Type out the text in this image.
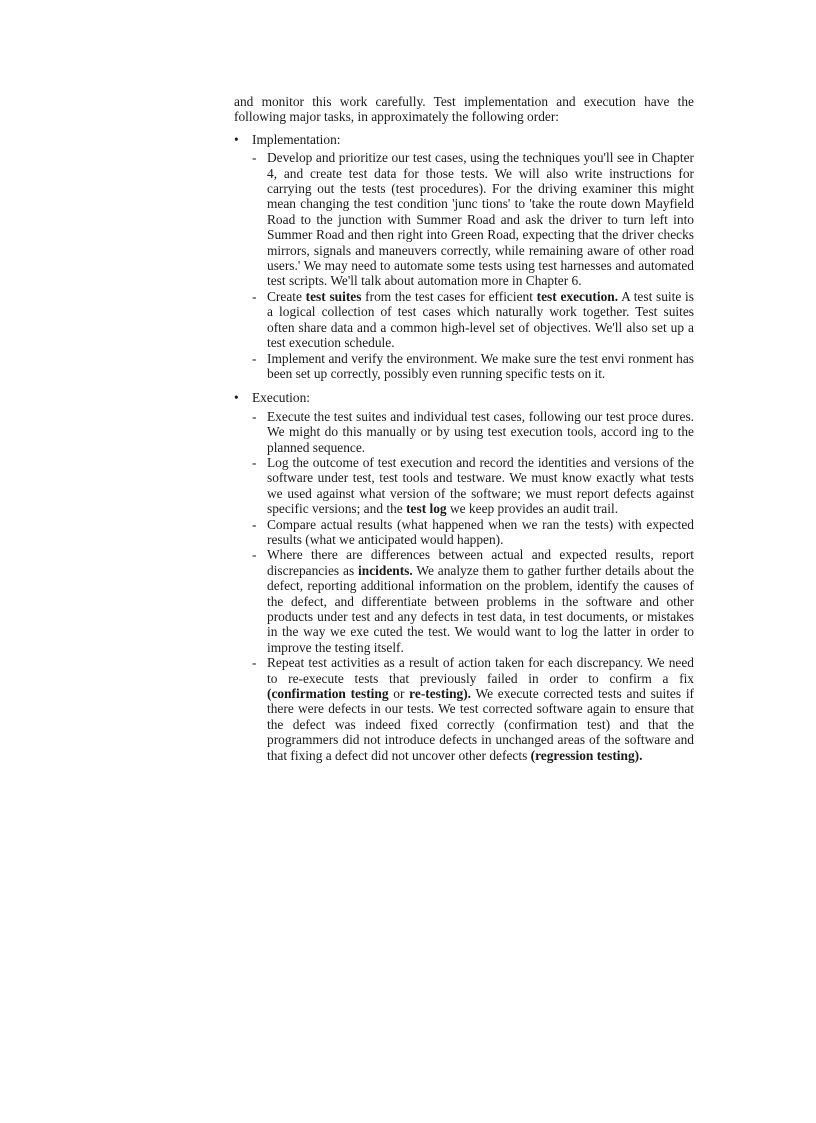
and monitor this work carefully. Test implementation and execution have the following major tasks, in approximately the following order:

• Implementation:
- Develop and prioritize our test cases, using the techniques you'll see in Chapter 4, and create test data for those tests. We will also write instructions for carrying out the tests (test procedures). For the driving examiner this might mean changing the test condition 'junc tions' to 'take the route down Mayfield Road to the junction with Summer Road and ask the driver to turn left into Summer Road and then right into Green Road, expecting that the driver checks mirrors, signals and maneuvers correctly, while remaining aware of other road users.' We may need to automate some tests using test harnesses and automated test scripts. We'll talk about automation more in Chapter 6.
- Create test suites from the test cases for efficient test execution. A test suite is a logical collection of test cases which naturally work together. Test suites often share data and a common high-level set of objectives. We'll also set up a test execution schedule.
- Implement and verify the environment. We make sure the test envi ronment has been set up correctly, possibly even running specific tests on it.
• Execution:
- Execute the test suites and individual test cases, following our test proce dures. We might do this manually or by using test execution tools, accord ing to the planned sequence.
- Log the outcome of test execution and record the identities and versions of the software under test, test tools and testware. We must know exactly what tests we used against what version of the software; we must report defects against specific versions; and the test log we keep provides an audit trail.
- Compare actual results (what happened when we ran the tests) with expected results (what we anticipated would happen).
- Where there are differences between actual and expected results, report discrepancies as incidents. We analyze them to gather further details about the defect, reporting additional information on the problem, identify the causes of the defect, and differentiate between problems in the software and other products under test and any defects in test data, in test documents, or mistakes in the way we exe cuted the test. We would want to log the latter in order to improve the testing itself.
- Repeat test activities as a result of action taken for each discrepancy. We need to re-execute tests that previously failed in order to confirm a fix (confirmation testing or re-testing). We execute corrected tests and suites if there were defects in our tests. We test corrected software again to ensure that the defect was indeed fixed correctly (confirmation test) and that the programmers did not introduce defects in unchanged areas of the software and that fixing a defect did not uncover other defects (regression testing).
